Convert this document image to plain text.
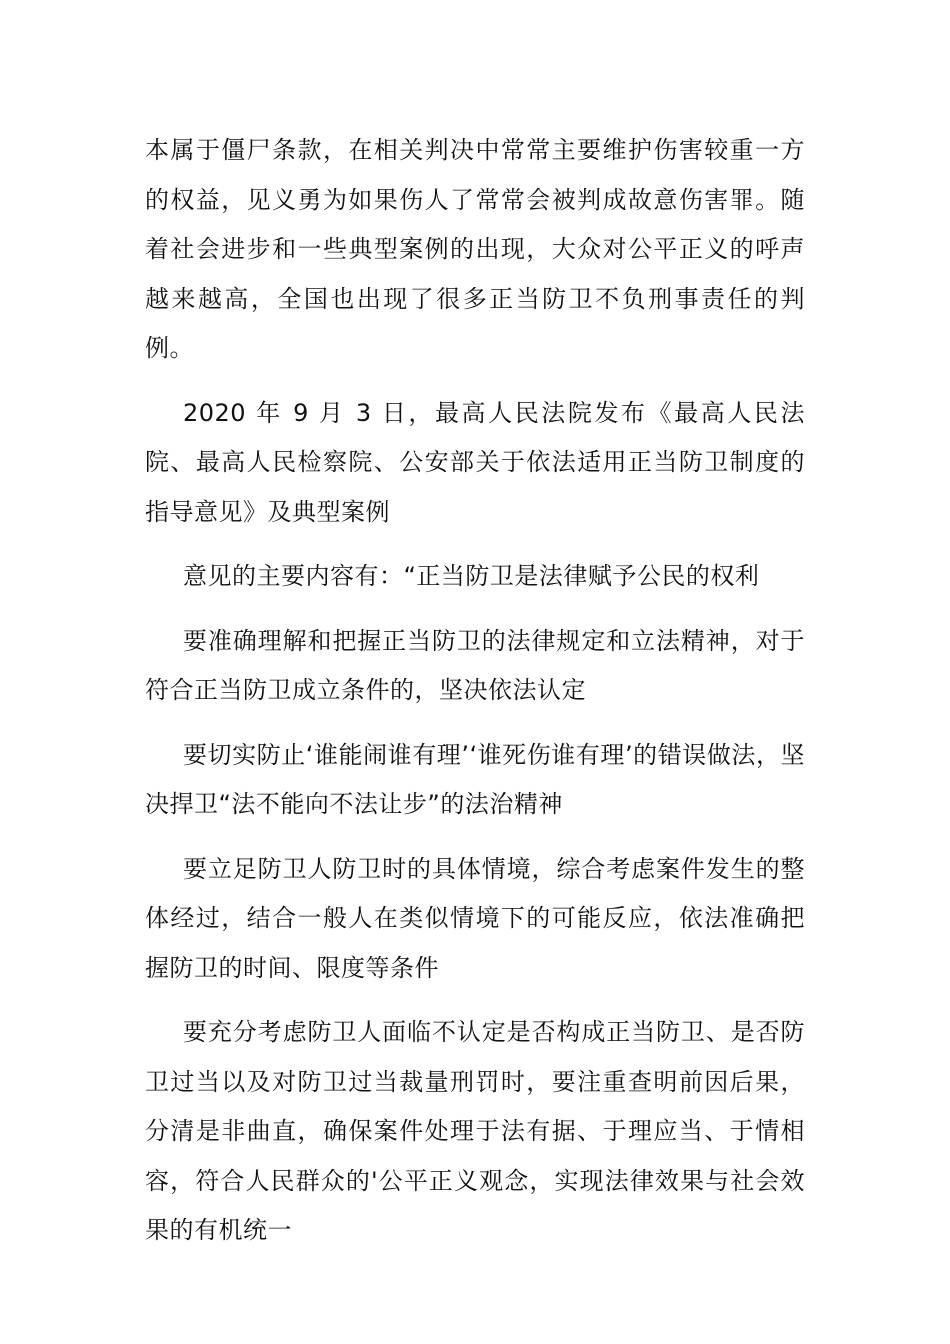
本属于僵尸条款，在相关判决中常常主要维护伤害较重一方的权益，见义勇为如果伤人了常常会被判成故意伤害罪。随着社会进步和一些典型案例的出现，大众对公平正义的呼声越来越高，全国也出现了很多正当防卫不负刑事责任的判例。

2020 年 9 月 3 日，最高人民法院发布《最高人民法院、最高人民检察院、公安部关于依法适用正当防卫制度的指导意见》及典型案例

意见的主要内容有：“正当防卫是法律赋予公民的权利

要准确理解和把握正当防卫的法律规定和立法精神，对于符合正当防卫成立条件的，坚决依法认定

要切实防止‘谁能闹谁有理’‘谁死伤谁有理’的错误做法，坚决捍卫“法不能向不法让步”的法治精神

要立足防卫人防卫时的具体情境，综合考虑案件发生的整体经过，结合一般人在类似情境下的可能反应，依法准确把握防卫的时间、限度等条件

要充分考虑防卫人面临不认定是否构成正当防卫、是否防卫过当以及对防卫过当裁量刑罚时，要注重查明前因后果，分清是非曲直，确保案件处理于法有据、于理应当、于情相容，符合人民群众的'公平正义观念，实现法律效果与社会效果的有机统一
